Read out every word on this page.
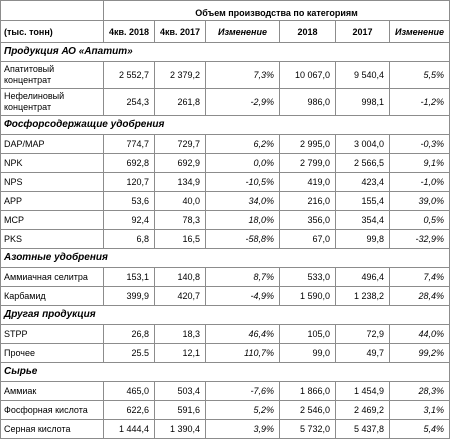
	Объем производства по категориям					
(тыс. тонн)	4кв. 2018	4кв. 2017	Изменение	2018	2017	Изменение
Продукция АО «Апатит»						
Апатитовый концентрат	2 552,7	2 379,2	7,3%	10 067,0	9 540,4	5,5%
Нефелиновый концентрат	254,3	261,8	-2,9%	986,0	998,1	-1,2%
Фосфорсодержащие удобрения						
DAP/MAP	774,7	729,7	6,2%	2 995,0	3 004,0	-0,3%
NPK	692,8	692,9	0,0%	2 799,0	2 566,5	9,1%
NPS	120,7	134,9	-10,5%	419,0	423,4	-1,0%
APP	53,6	40,0	34,0%	216,0	155,4	39,0%
MCP	92,4	78,3	18,0%	356,0	354,4	0,5%
PKS	6,8	16,5	-58,8%	67,0	99,8	-32,9%
Азотные удобрения						
Аммиачная селитра	153,1	140,8	8,7%	533,0	496,4	7,4%
Карбамид	399,9	420,7	-4,9%	1 590,0	1 238,2	28,4%
Другая продукция						
STPP	26,8	18,3	46,4%	105,0	72,9	44,0%
Прочее	25.5	12,1	110,7%	99,0	49,7	99,2%
Сырье						
Аммиак	465,0	503,4	-7,6%	1 866,0	1 454,9	28,3%
Фосфорная кислота	622,6	591,6	5,2%	2 546,0	2 469,2	3,1%
Серная кислота	1 444,4	1 390,4	3,9%	5 732,0	5 437,8	5,4%
